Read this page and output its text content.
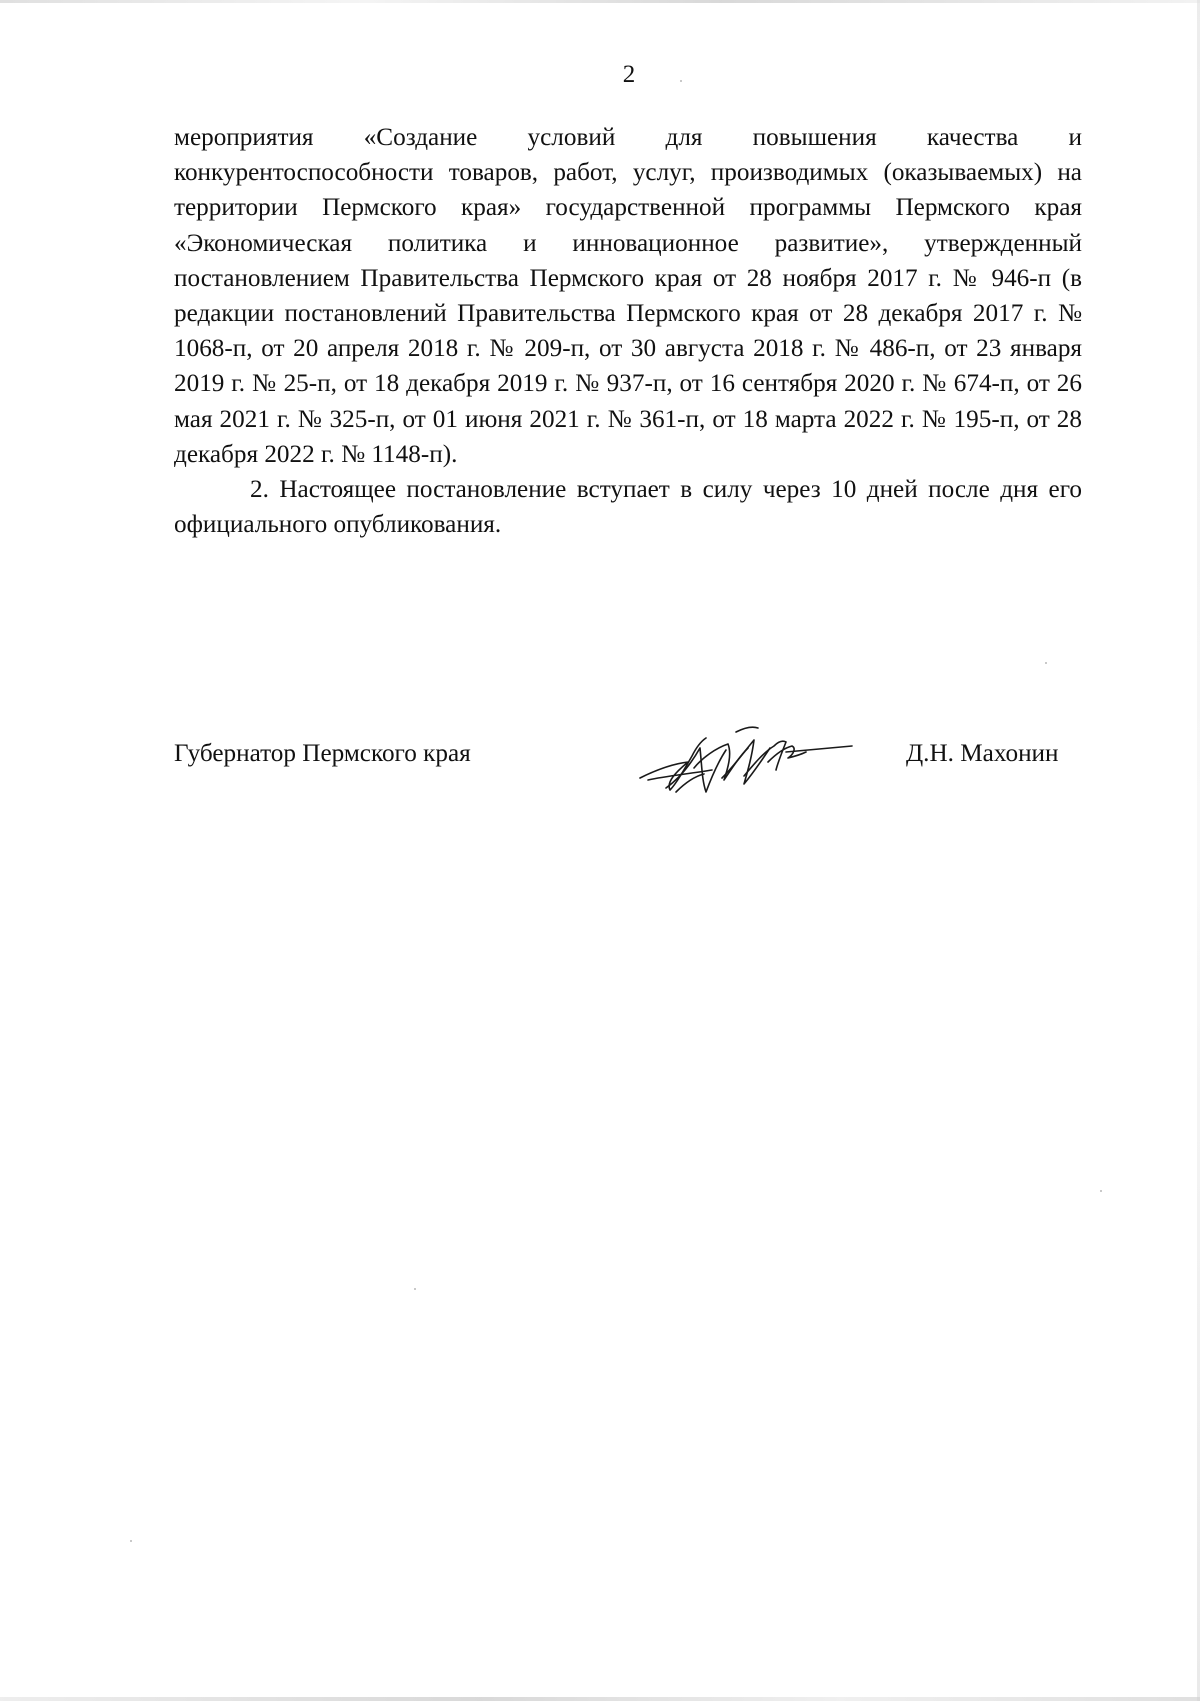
2

мероприятия «Создание условий для повышения качества и конкурентоспособности товаров, работ, услуг, производимых (оказываемых) на территории Пермского края» государственной программы Пермского края «Экономическая политика и инновационное развитие», утвержденный постановлением Правительства Пермского края от 28 ноября 2017 г. № 946-п (в редакции постановлений Правительства Пермского края от 28 декабря 2017 г. № 1068-п, от 20 апреля 2018 г. № 209-п, от 30 августа 2018 г. № 486-п, от 23 января 2019 г. № 25-п, от 18 декабря 2019 г. № 937-п, от 16 сентября 2020 г. № 674-п, от 26 мая 2021 г. № 325-п, от 01 июня 2021 г. № 361-п, от 18 марта 2022 г. № 195-п, от 28 декабря 2022 г. № 1148-п).

2. Настоящее постановление вступает в силу через 10 дней после дня его официального опубликования.

Губернатор Пермского края	Д.Н. Махонин
